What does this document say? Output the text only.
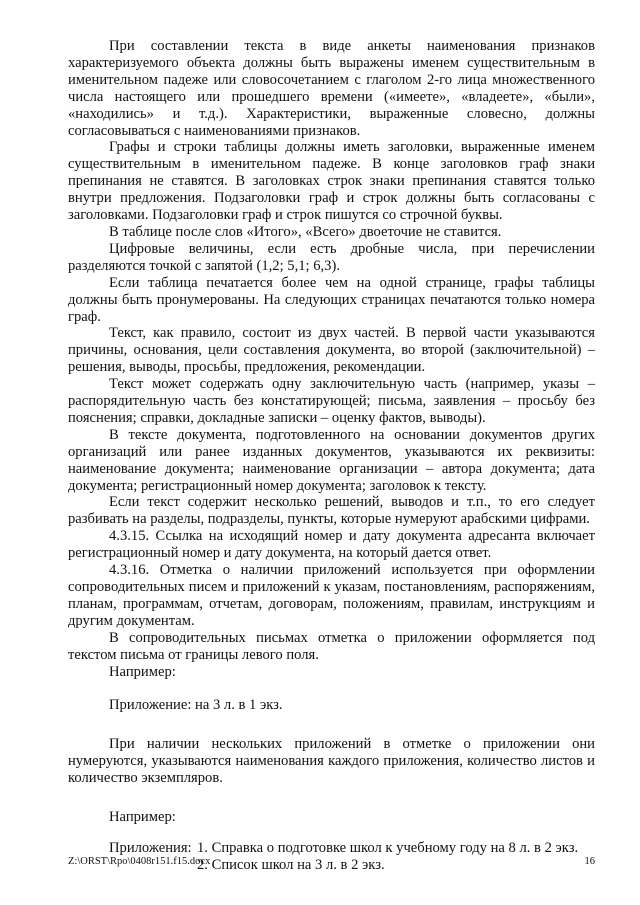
При составлении текста в виде анкеты наименования признаков характеризуемого объекта должны быть выражены именем существительным в именительном падеже или словосочетанием с глаголом 2-го лица множественного числа настоящего или прошедшего времени («имеете», «владеете», «были», «находились» и т.д.). Характеристики, выраженные словесно, должны согласовываться с наименованиями признаков.

Графы и строки таблицы должны иметь заголовки, выраженные именем существительным в именительном падеже. В конце заголовков граф знаки препинания не ставятся. В заголовках строк знаки препинания ставятся только внутри предложения. Подзаголовки граф и строк должны быть согласованы с заголовками. Подзаголовки граф и строк пишутся со строчной буквы.

В таблице после слов «Итого», «Всего» двоеточие не ставится.

Цифровые величины, если есть дробные числа, при перечислении разделяются точкой с запятой (1,2; 5,1; 6,3).

Если таблица печатается более чем на одной странице, графы таблицы должны быть пронумерованы. На следующих страницах печатаются только номера граф.

Текст, как правило, состоит из двух частей. В первой части указываются причины, основания, цели составления документа, во второй (заключительной) – решения, выводы, просьбы, предложения, рекомендации.

Текст может содержать одну заключительную часть (например, указы – распорядительную часть без констатирующей; письма, заявления – просьбу без пояснения; справки, докладные записки – оценку фактов, выводы).

В тексте документа, подготовленного на основании документов других организаций или ранее изданных документов, указываются их реквизиты: наименование документа; наименование организации – автора документа; дата документа; регистрационный номер документа; заголовок к тексту.

Если текст содержит несколько решений, выводов и т.п., то его следует разбивать на разделы, подразделы, пункты, которые нумеруют арабскими цифрами.

4.3.15. Ссылка на исходящий номер и дату документа адресанта включает регистрационный номер и дату документа, на который дается ответ.

4.3.16. Отметка о наличии приложений используется при оформлении сопроводительных писем и приложений к указам, постановлениям, распоряжениям, планам, программам, отчетам, договорам, положениям, правилам, инструкциям и другим документам.

В сопроводительных письмах отметка о приложении оформляется под текстом письма от границы левого поля.

Например:

Приложение: на 3 л. в 1 экз.

При наличии нескольких приложений в отметке о приложении они нумеруются, указываются наименования каждого приложения, количество листов и количество экземпляров.

Например:

Приложения: 1. Справка о подготовке школ к учебному году на 8 л. в 2 экз.
2. Список школ на 3 л. в 2 экз.
Z:\ORST\Rpo\0408r151.f15.docx	16
